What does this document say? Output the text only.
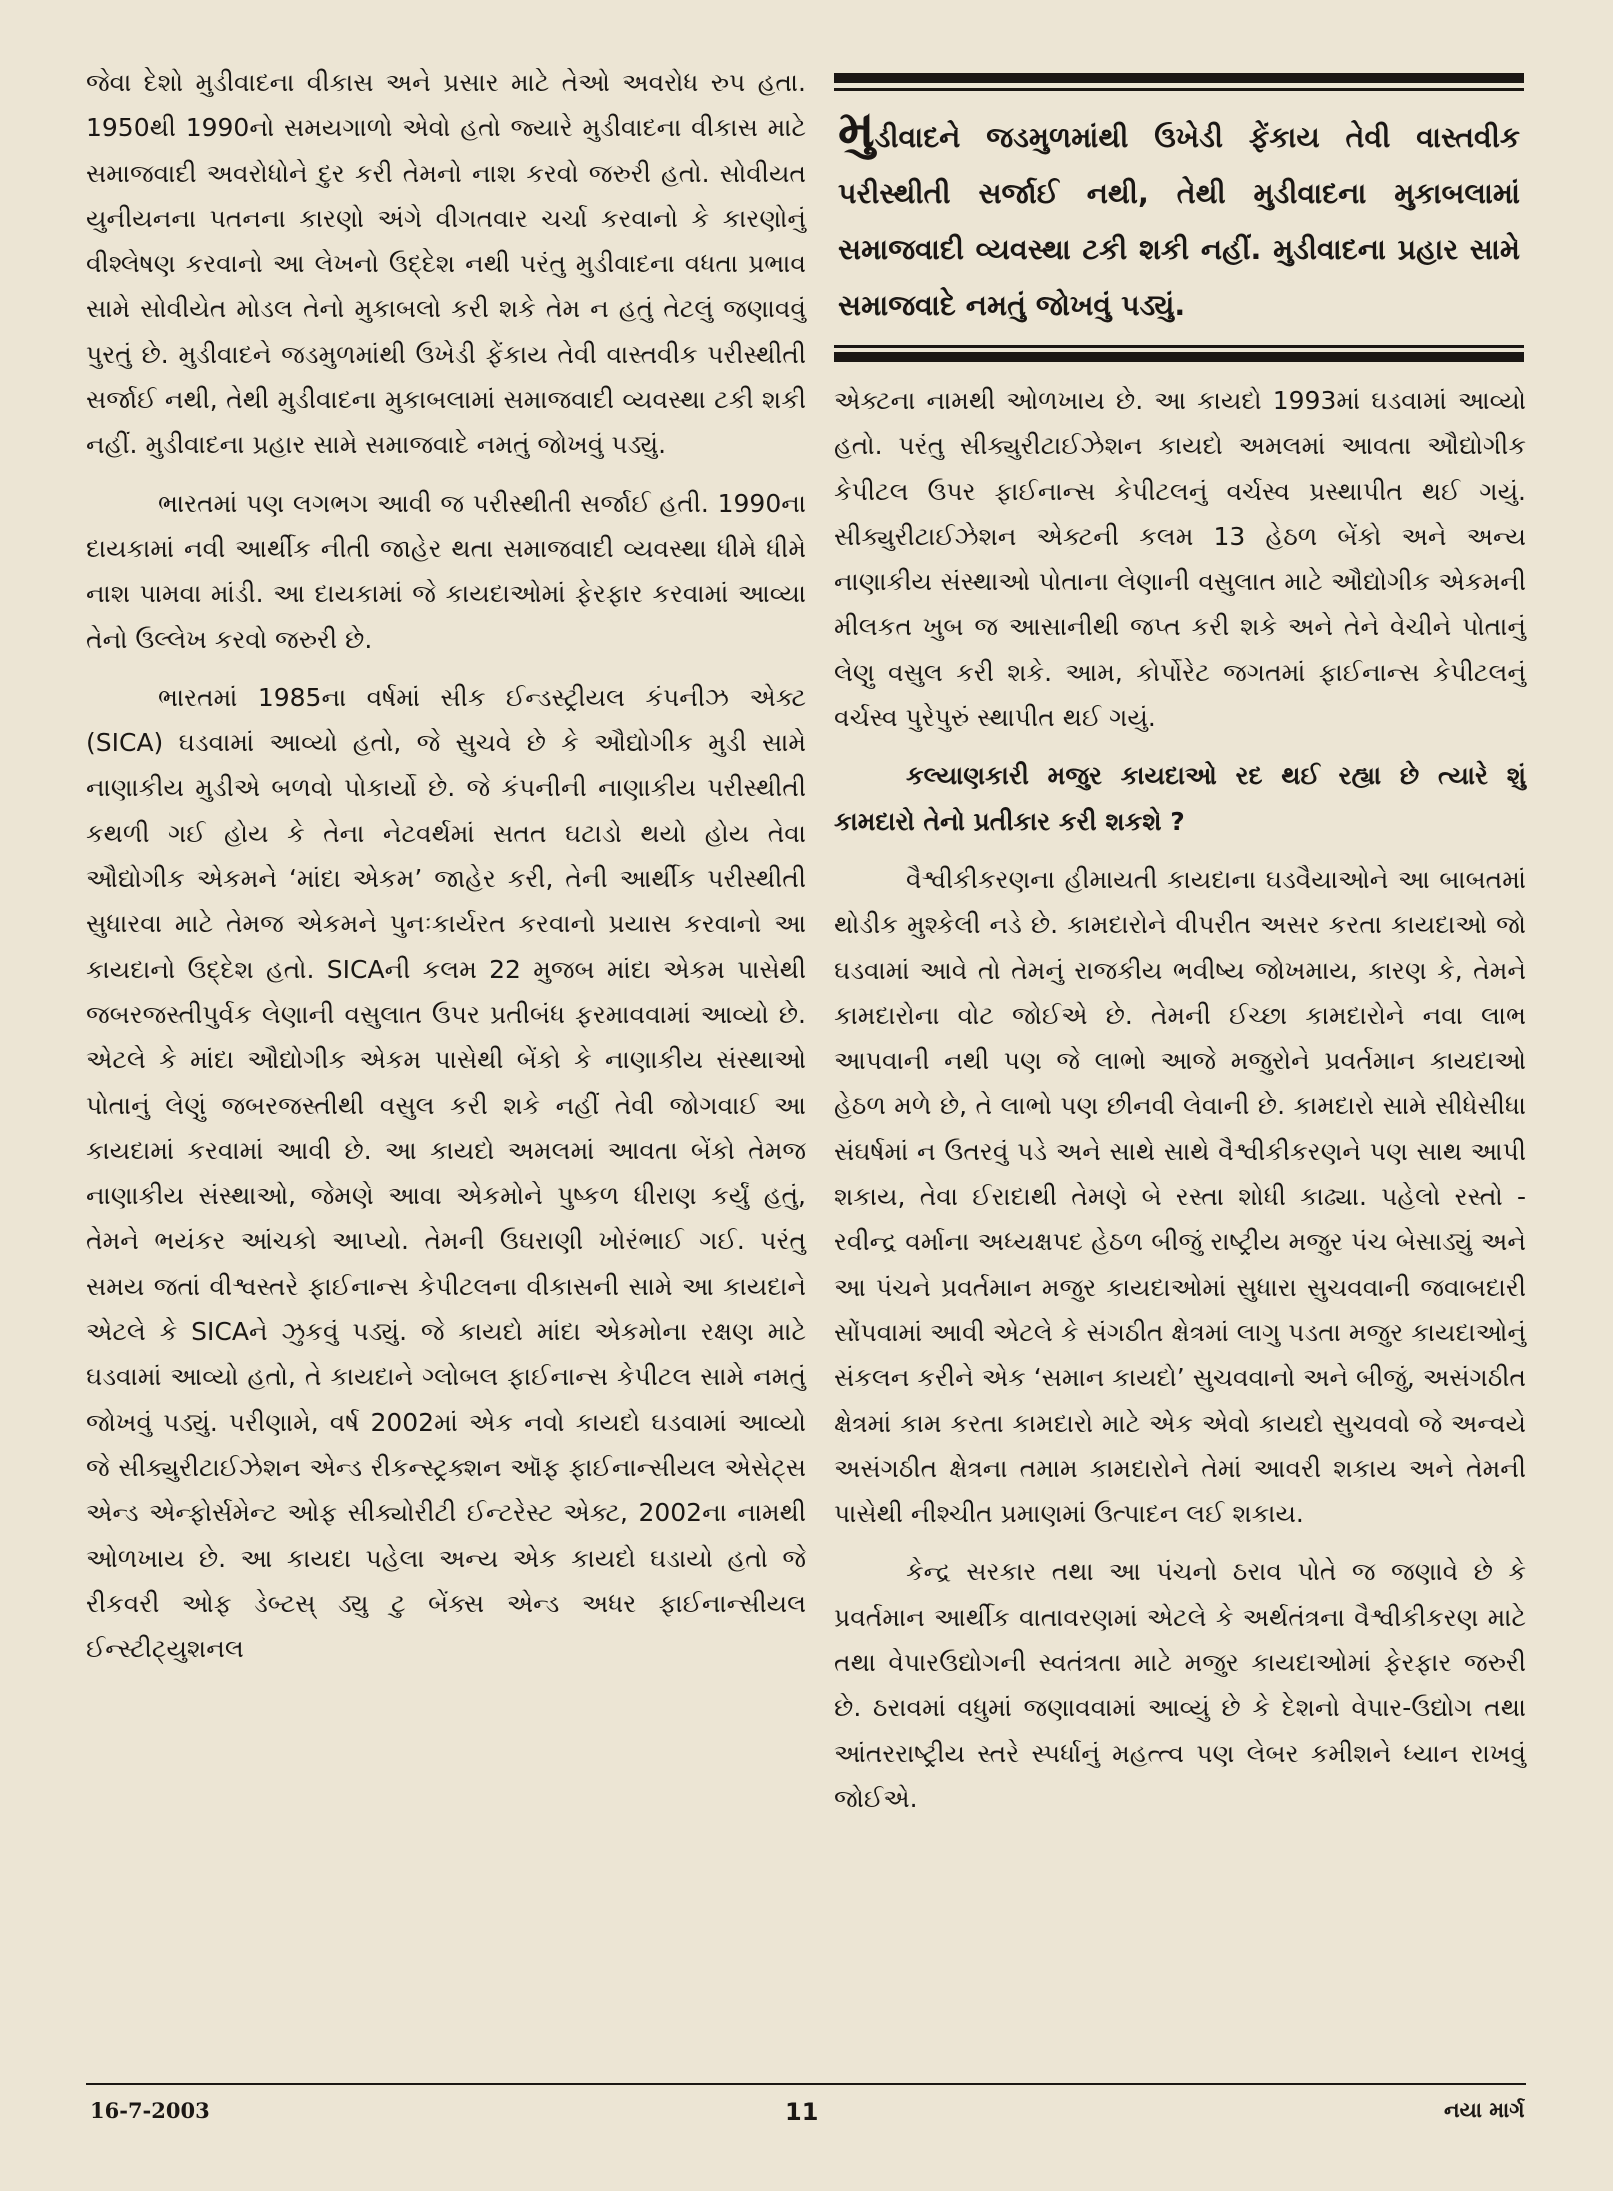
જેવા દેશો મુડીવાદના વીકાસ અને પ્રસાર માટે તેઓ અવરોધ રુપ હતા. 1950થી 1990નો સમયગાળો એવો હતો જ્યારે મુડીવાદના વીકાસ માટે સમાજવાદી અવરોધોને દુર કરી તેમનો નાશ કરવો જરુરી હતો. સોવીયત યુનીયનના પતનના કારણો અંગે વીગતવાર ચર્ચા કરવાનો કે કારણોનું વીશ્લેષણ કરવાનો આ લેખનો ઉદ્દેશ નથી પરંતુ મુડીવાદના વધતા પ્રભાવ સામે સોવીયેત મોડલ તેનો મુકાબલો કરી શકે તેમ ન હતું તેટલું જણાવવું પુરતું છે. મુડીવાદને જડમુળમાંથી ઉખેડી ફેંકાય તેવી વાસ્તવીક પરીસ્થીતી સર્જાઈ નથી, તેથી મુડીવાદના મુકાબલામાં સમાજવાદી વ્યવસ્થા ટકી શકી નહીં. મુડીવાદના પ્રહાર સામે સમાજવાદે નમતું જોખવું પડ્યું.

ભારતમાં પણ લગભગ આવી જ પરીસ્થીતી સર્જાઈ હતી. 1990ના દાયકામાં નવી આર્થીક નીતી જાહેર થતા સમાજવાદી વ્યવસ્થા ધીમે ધીમે નાશ પામવા માંડી. આ દાયકામાં જે કાયદાઓમાં ફેરફાર કરવામાં આવ્યા તેનો ઉલ્લેખ કરવો જરુરી છે.

ભારતમાં 1985ના વર્ષમાં સીક ઈન્ડસ્ટ્રીયલ કંપનીઝ એક્ટ (SICA) ઘડવામાં આવ્યો હતો, જે સુચવે છે કે ઔદ્યોગીક મુડી સામે નાણાકીય મુડીએ બળવો પોકાર્યો છે. જે કંપનીની નાણાકીય પરીસ્થીતી કથળી ગઈ હોય કે તેના નેટવર્થમાં સતત ઘટાડો થયો હોય તેવા ઔદ્યોગીક એકમને ‘માંદા એકમ’ જાહેર કરી, તેની આર્થીક પરીસ્થીતી સુધારવા માટે તેમજ એકમને પુનઃકાર્યરત કરવાનો પ્રયાસ કરવાનો આ કાયદાનો ઉદ્દેશ હતો. SICAની કલમ 22 મુજબ માંદા એકમ પાસેથી જબરજસ્તીપુર્વક લેણાની વસુલાત ઉપર પ્રતીબંધ ફરમાવવામાં આવ્યો છે. એટલે કે માંદા ઔદ્યોગીક એકમ પાસેથી બેંકો કે નાણાકીય સંસ્થાઓ પોતાનું લેણું જબરજસ્તીથી વસુલ કરી શકે નહીં તેવી જોગવાઈ આ કાયદામાં કરવામાં આવી છે. આ કાયદો અમલમાં આવતા બેંકો તેમજ નાણાકીય સંસ્થાઓ, જેમણે આવા એકમોને પુષ્કળ ધીરાણ કર્યું હતું, તેમને ભયંકર આંચકો આપ્યો. તેમની ઉઘરાણી ખોરંભાઈ ગઈ. પરંતુ સમય જતાં વીશ્વસ્તરે ફાઈનાન્સ કેપીટલના વીકાસની સામે આ કાયદાને એટલે કે SICAને ઝુકવું પડ્યું. જે કાયદો માંદા એકમોના રક્ષણ માટે ઘડવામાં આવ્યો હતો, તે કાયદાને ગ્લોબલ ફાઈનાન્સ કેપીટલ સામે નમતું જોખવું પડ્યું. પરીણામે, વર્ષ 2002માં એક નવો કાયદો ઘડવામાં આવ્યો જે સીક્યુરીટાઈઝેશન એન્ડ રીકન્સ્ટ્રક્શન ઑફ ફાઈનાન્સીયલ એસેટ્સ એન્ડ એન્ફોર્સમેન્ટ ઓફ સીક્યોરીટી ઈન્ટરેસ્ટ એક્ટ, 2002ના નામથી ઓળખાય છે. આ કાયદા પહેલા અન્ય એક કાયદો ઘડાયો હતો જે રીકવરી ઓફ ડેબ્ટસ્ ડ્યુ ટુ બેંક્સ એન્ડ અધર ફાઈનાન્સીયલ ઈન્સ્ટીટ્યુશનલ

મુડીવાદને જડમુળમાંથી ઉખેડી ફેંકાય તેવી વાસ્તવીક પરીસ્થીતી સર્જાઈ નથી, તેથી મુડીવાદના મુકાબલામાં સમાજવાદી વ્યવસ્થા ટકી શકી નહીં. મુડીવાદના પ્રહાર સામે સમાજવાદે નમતું જોખવું પડ્યું.

એક્ટના નામથી ઓળખાય છે. આ કાયદો 1993માં ઘડવામાં આવ્યો હતો. પરંતુ સીક્યુરીટાઈઝેશન કાયદો અમલમાં આવતા ઔદ્યોગીક કેપીટલ ઉપર ફાઈનાન્સ કેપીટલનું વર્ચસ્વ પ્રસ્થાપીત થઈ ગયું. સીક્યુરીટાઈઝેશન એક્ટની કલમ 13 હેઠળ બેંકો અને અન્ય નાણાકીય સંસ્થાઓ પોતાના લેણાની વસુલાત માટે ઔદ્યોગીક એકમની મીલકત ખુબ જ આસાનીથી જપ્ત કરી શકે અને તેને વેચીને પોતાનું લેણુ વસુલ કરી શકે. આમ, કોર્પોરેટ જગતમાં ફાઈનાન્સ કેપીટલનું વર્ચસ્વ પુરેપુરું સ્થાપીત થઈ ગયું.

કલ્યાણકારી મજુર કાયદાઓ રદ થઈ રહ્યા છે ત્યારે શું કામદારો તેનો પ્રતીકાર કરી શકશે ?

વૈશ્વીકીકરણના હીમાયતી કાયદાના ઘડવૈયાઓને આ બાબતમાં થોડીક મુશ્કેલી નડે છે. કામદારોને વીપરીત અસર કરતા કાયદાઓ જો ઘડવામાં આવે તો તેમનું રાજકીય ભવીષ્ય જોખમાય, કારણ કે, તેમને કામદારોના વોટ જોઈએ છે. તેમની ઈચ્છા કામદારોને નવા લાભ આપવાની નથી પણ જે લાભો આજે મજુરોને પ્રવર્તમાન કાયદાઓ હેઠળ મળે છે, તે લાભો પણ છીનવી લેવાની છે. કામદારો સામે સીધેસીધા સંઘર્ષમાં ન ઉતરવું પડે અને સાથે સાથે વૈશ્વીકીકરણને પણ સાથ આપી શકાય, તેવા ઈરાદાથી તેમણે બે રસ્તા શોધી કાઢ્યા. પહેલો રસ્તો - રવીન્દ્ર વર્માના અધ્યક્ષપદ હેઠળ બીજું રાષ્ટ્રીય મજુર પંચ બેસાડ્યું અને આ પંચને પ્રવર્તમાન મજુર કાયદાઓમાં સુધારા સુચવવાની જવાબદારી સોંપવામાં આવી એટલે કે સંગઠીત ક્ષેત્રમાં લાગુ પડતા મજુર કાયદાઓનું સંકલન કરીને એક ‘સમાન કાયદો’ સુચવવાનો અને બીજું, અસંગઠીત ક્ષેત્રમાં કામ કરતા કામદારો માટે એક એવો કાયદો સુચવવો જે અન્વયે અસંગઠીત ક્ષેત્રના તમામ કામદારોને તેમાં આવરી શકાય અને તેમની પાસેથી નીશ્ચીત પ્રમાણમાં ઉત્પાદન લઈ શકાય.

કેન્દ્ર સરકાર તથા આ પંચનો ઠરાવ પોતે જ જણાવે છે કે પ્રવર્તમાન આર્થીક વાતાવરણમાં એટલે કે અર્થતંત્રના વૈશ્વીકીકરણ માટે તથા વેપારઉદ્યોગની સ્વતંત્રતા માટે મજુર કાયદાઓમાં ફેરફાર જરુરી છે. ઠરાવમાં વધુમાં જણાવવામાં આવ્યું છે કે દેશનો વેપાર-ઉદ્યોગ તથા આંતરરાષ્ટ્રીય સ્તરે સ્પર્ધાનું મહત્ત્વ પણ લેબર કમીશને ધ્યાન રાખવું જોઈએ.

16-7-2003	11	નયા માર્ગ
